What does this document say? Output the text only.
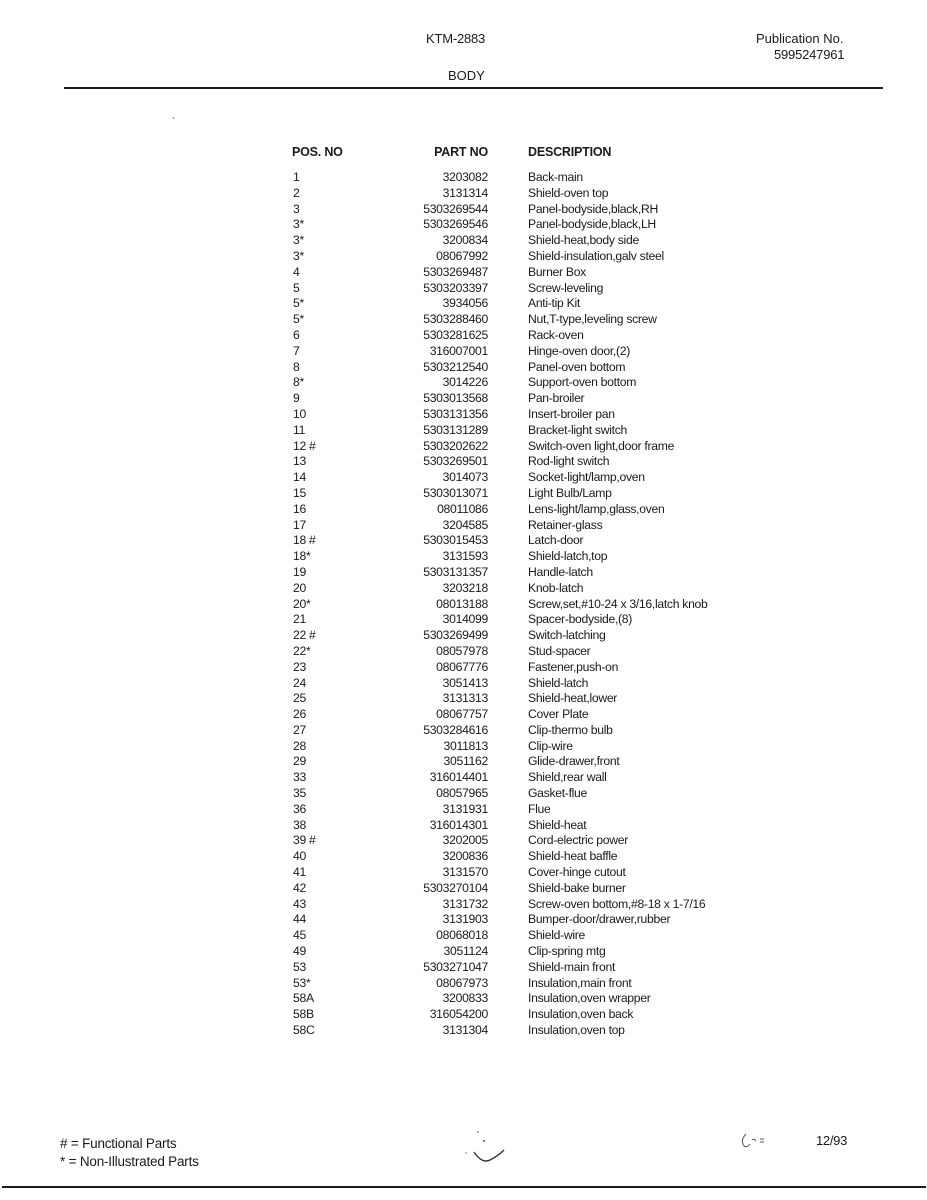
KTM-2883	Publication No.
5995247961
BODY
POS. NO	PART NO	DESCRIPTION
1	3203082	Back-main
2	3131314	Shield-oven top
3	5303269544	Panel-bodyside,black,RH
3*	5303269546	Panel-bodyside,black,LH
3*	3200834	Shield-heat,body side
3*	08067992	Shield-insulation,galv steel
4	5303269487	Burner Box
5	5303203397	Screw-leveling
5*	3934056	Anti-tip Kit
5*	5303288460	Nut,T-type,leveling screw
6	5303281625	Rack-oven
7	316007001	Hinge-oven door,(2)
8	5303212540	Panel-oven bottom
8*	3014226	Support-oven bottom
9	5303013568	Pan-broiler
10	5303131356	Insert-broiler pan
11	5303131289	Bracket-light switch
12 #	5303202622	Switch-oven light,door frame
13	5303269501	Rod-light switch
14	3014073	Socket-light/lamp,oven
15	5303013071	Light Bulb/Lamp
16	08011086	Lens-light/lamp,glass,oven
17	3204585	Retainer-glass
18 #	5303015453	Latch-door
18*	3131593	Shield-latch,top
19	5303131357	Handle-latch
20	3203218	Knob-latch
20*	08013188	Screw,set,#10-24 x 3/16,latch knob
21	3014099	Spacer-bodyside,(8)
22 #	5303269499	Switch-latching
22*	08057978	Stud-spacer
23	08067776	Fastener,push-on
24	3051413	Shield-latch
25	3131313	Shield-heat,lower
26	08067757	Cover Plate
27	5303284616	Clip-thermo bulb
28	3011813	Clip-wire
29	3051162	Glide-drawer,front
33	316014401	Shield,rear wall
35	08057965	Gasket-flue
36	3131931	Flue
38	316014301	Shield-heat
39 #	3202005	Cord-electric power
40	3200836	Shield-heat baffle
41	3131570	Cover-hinge cutout
42	5303270104	Shield-bake burner
43	3131732	Screw-oven bottom,#8-18 x 1-7/16
44	3131903	Bumper-door/drawer,rubber
45	08068018	Shield-wire
49	3051124	Clip-spring mtg
53	5303271047	Shield-main front
53*	08067973	Insulation,main front
58A	3200833	Insulation,oven wrapper
58B	316054200	Insulation,oven back
58C	3131304	Insulation,oven top
# = Functional Parts
* = Non-Illustrated Parts
12/93
